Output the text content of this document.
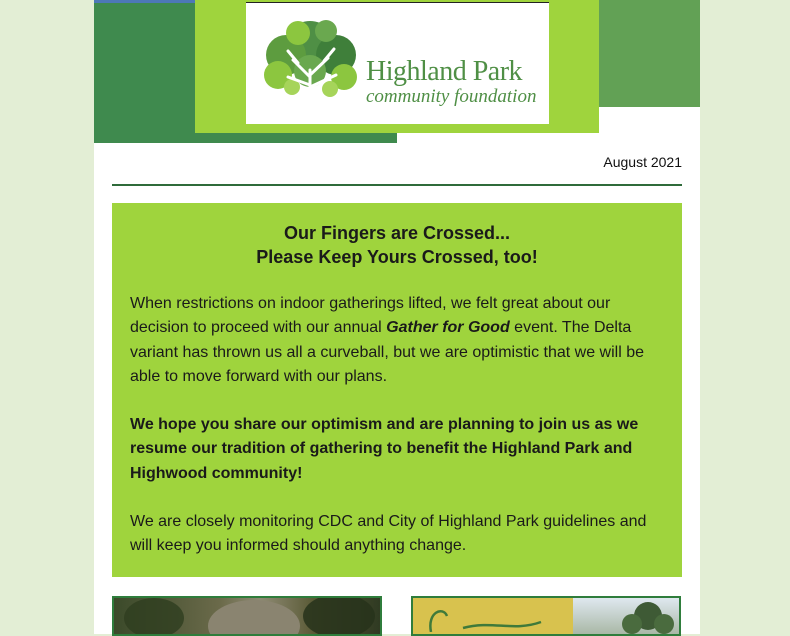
Highland Park
community foundation
August 2021
Our Fingers are Crossed...
Please Keep Yours Crossed, too!

When restrictions on indoor gatherings lifted, we felt great about our decision to proceed with our annual Gather for Good event. The Delta variant has thrown us all a curveball, but we are optimistic that we will be able to move forward with our plans.

We hope you share our optimism and are planning to join us as we resume our tradition of gathering to benefit the Highland Park and Highwood community!

We are closely monitoring CDC and City of Highland Park guidelines and will keep you informed should anything change.
